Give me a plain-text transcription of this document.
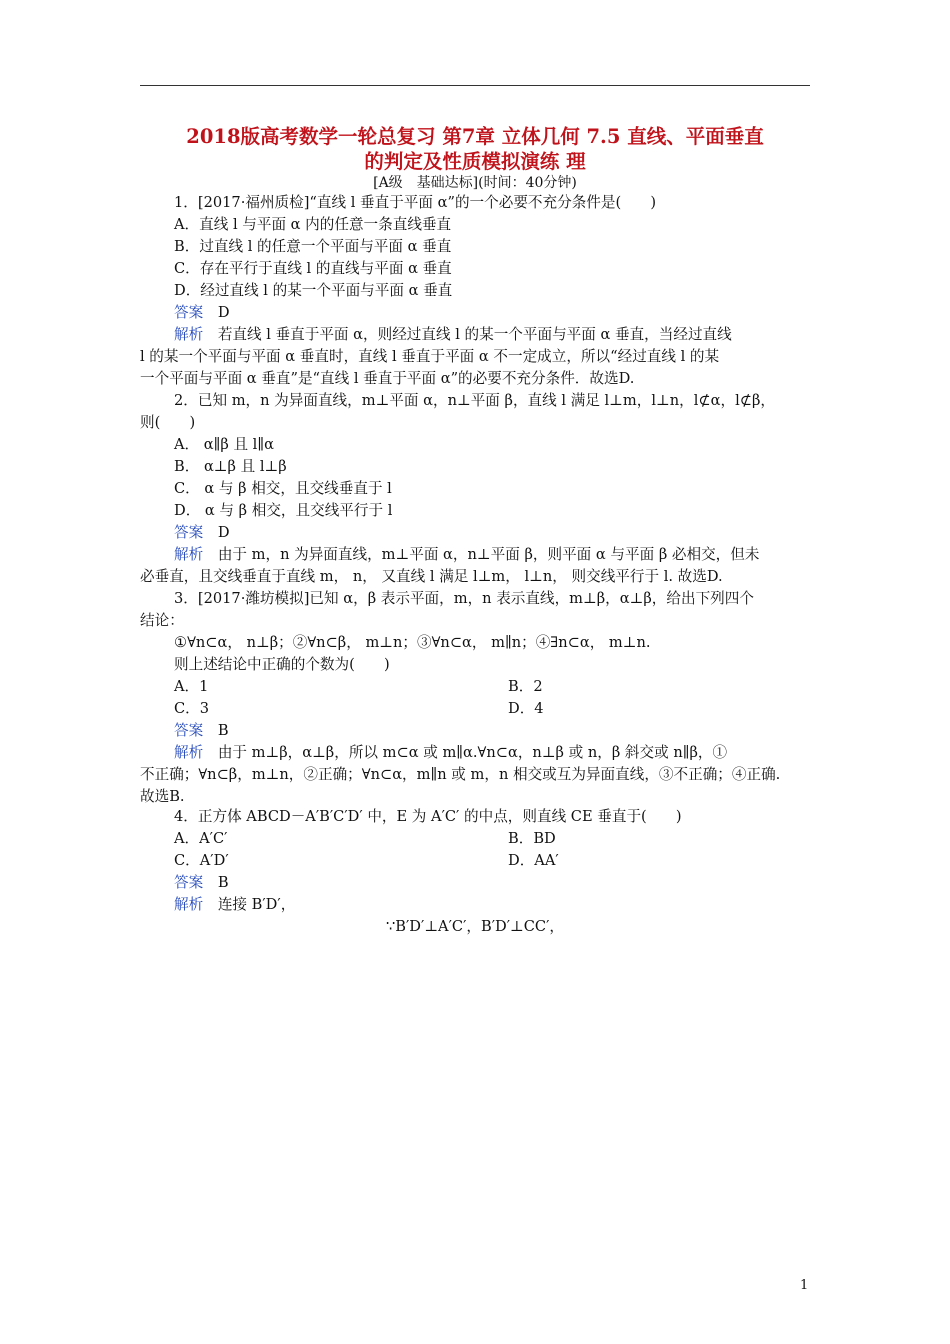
2018版高考数学一轮总复习 第7章 立体几何 7.5 直线、平面垂直
的判定及性质模拟演练 理
[A级　基础达标](时间：40分钟)
1．[2017·福州质检]“直线 l 垂直于平面 α”的一个必要不充分条件是(　　)
A．直线 l 与平面 α 内的任意一条直线垂直
B．过直线 l 的任意一个平面与平面 α 垂直
C．存在平行于直线 l 的直线与平面 α 垂直
D．经过直线 l 的某一个平面与平面 α 垂直
答案　 D
解析　 若直线 l 垂直于平面 α，则经过直线 l 的某一个平面与平面 α 垂直，当经过直线
l 的某一个平面与平面 α 垂直时，直线 l 垂直于平面 α 不一定成立，所以“经过直线 l 的某
一个平面与平面 α 垂直”是“直线 l 垂直于平面 α”的必要不充分条件．故选D.
2．已知 m，n 为异面直线，m⊥平面 α，n⊥平面 β，直线 l 满足 l⊥m，l⊥n，l⊄α，l⊄β，
则(　　)
A． α∥β 且 l∥α
B． α⊥β 且 l⊥β
C． α 与 β 相交，且交线垂直于 l
D． α 与 β 相交，且交线平行于 l
答案　 D
解析　 由于 m，n 为异面直线，m⊥平面 α，n⊥平面 β，则平面 α 与平面 β 必相交，但未
必垂直，且交线垂直于直线 m， n， 又直线 l 满足 l⊥m， l⊥n， 则交线平行于 l. 故选D.
3．[2017·潍坊模拟]已知 α，β 表示平面，m，n 表示直线，m⊥β，α⊥β，给出下列四个
结论：
①∀n⊂α， n⊥β；②∀n⊂β， m⊥n；③∀n⊂α， m∥n；④∃n⊂α， m⊥n.
则上述结论中正确的个数为(　　)
A．1	B．2
C．3	D．4
答案　 B
解析　 由于 m⊥β，α⊥β，所以 m⊂α 或 m∥α.∀n⊂α，n⊥β 或 n，β 斜交或 n∥β，①
不正确；∀n⊂β，m⊥n，②正确；∀n⊂α，m∥n 或 m，n 相交或互为异面直线，③不正确；④正确.
故选B.
4．正方体 ABCD－A′B′C′D′ 中，E 为 A′C′ 的中点，则直线 CE 垂直于(　　)
A．A′C′	B．BD
C．A′D′	D．AA′
答案　 B
解析　 连接 B′D′，
∵B′D′⊥A′C′，B′D′⊥CC′，
1
